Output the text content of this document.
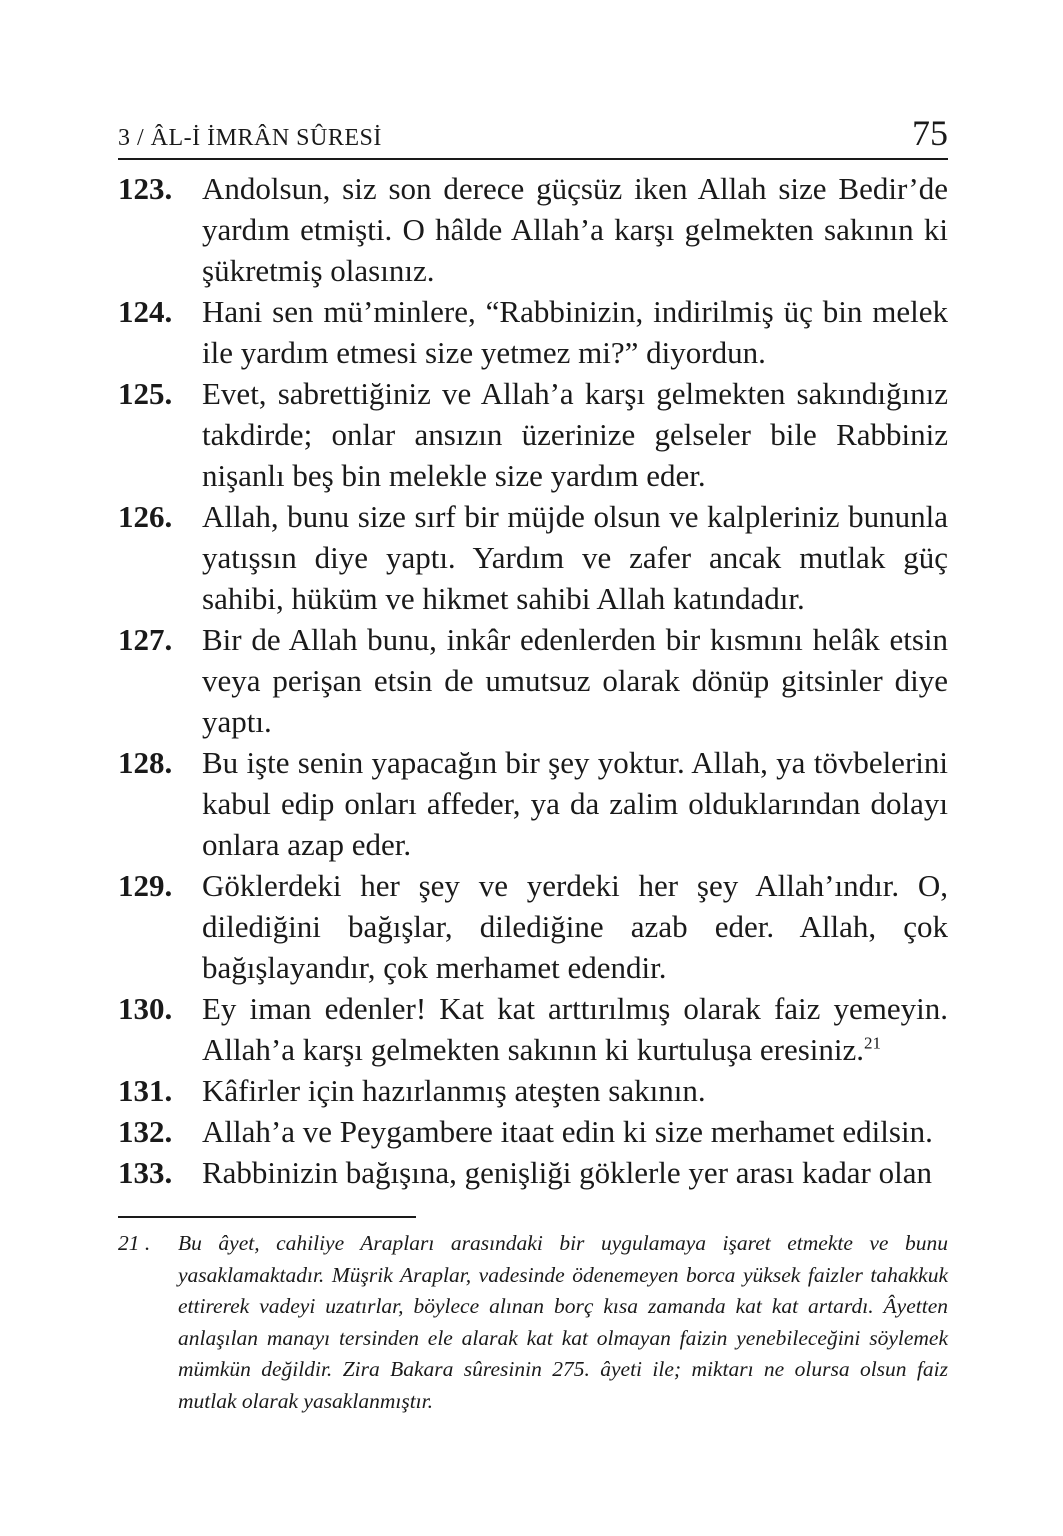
3 / ÂL-İ İMRÂN SÛRESİ	75
123. Andolsun, siz son derece güçsüz iken Allah size Bedir’de yardım etmişti. O hâlde Allah’a karşı gelmekten sakının ki şükretmiş olasınız.
124. Hani sen mü’minlere, “Rabbinizin, indirilmiş üç bin melek ile yardım etmesi size yetmez mi?” diyordun.
125. Evet, sabrettiğiniz ve Allah’a karşı gelmekten sakındığınız takdirde; onlar ansızın üzerinize gelseler bile Rabbiniz nişanlı beş bin melekle size yardım eder.
126. Allah, bunu size sırf bir müjde olsun ve kalpleriniz bununla yatışsın diye yaptı. Yardım ve zafer ancak mutlak güç sahibi, hüküm ve hikmet sahibi Allah katındadır.
127. Bir de Allah bunu, inkâr edenlerden bir kısmını helâk etsin veya perişan etsin de umutsuz olarak dönüp gitsinler diye yaptı.
128. Bu işte senin yapacağın bir şey yoktur. Allah, ya tövbelerini kabul edip onları affeder, ya da zalim olduklarından dolayı onlara azap eder.
129. Göklerdeki her şey ve yerdeki her şey Allah’ındır. O, dilediğini bağışlar, dilediğine azab eder. Allah, çok bağışlayandır, çok merhamet edendir.
130. Ey iman edenler! Kat kat arttırılmış olarak faiz yemeyin. Allah’a karşı gelmekten sakının ki kurtuluşa eresiniz.$^{21}$
131. Kâfirler için hazırlanmış ateşten sakının.
132. Allah’a ve Peygambere itaat edin ki size merhamet edilsin.
133. Rabbinizin bağışına, genişliği göklerle yer arası kadar olan
21 .	Bu âyet, cahiliye Arapları arasındaki bir uygulamaya işaret etmekte ve bunu yasaklamaktadır. Müşrik Araplar, vadesinde ödenemeyen borca yüksek faizler tahakkuk ettirerek vadeyi uzatırlar, böylece alınan borç kısa zamanda kat kat artardı. Âyetten anlaşılan manayı tersinden ele alarak kat kat olmayan faizin yenebileceğini söylemek mümkün değildir. Zira Bakara sûresinin 275. âyeti ile; miktarı ne olursa olsun faiz mutlak olarak yasaklanmıştır.
